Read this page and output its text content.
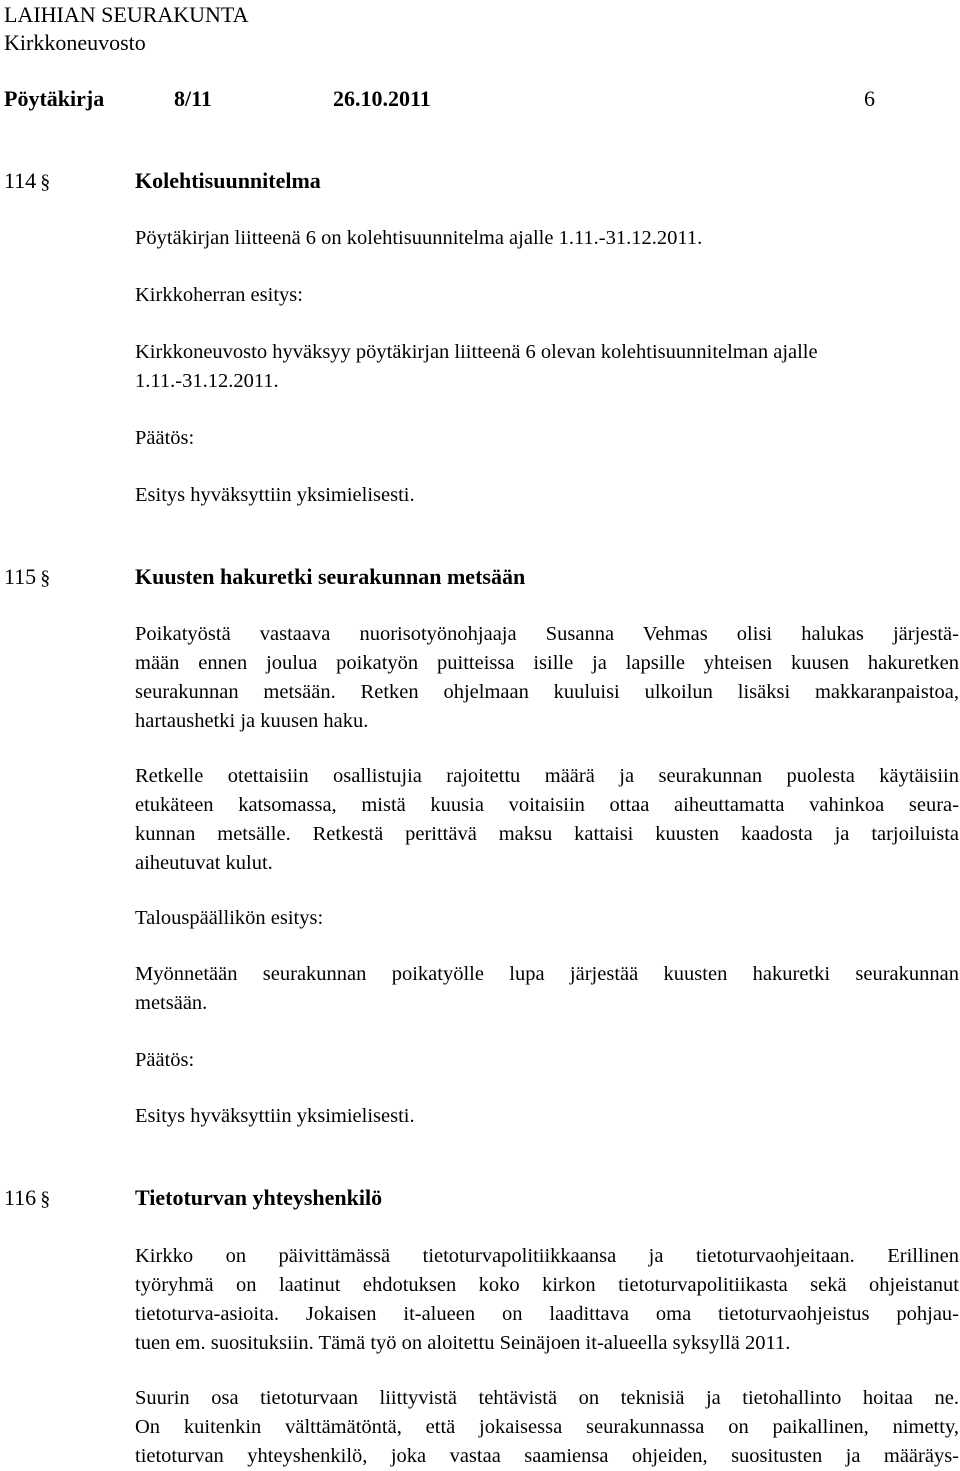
LAIHIAN SEURAKUNTA
Kirkkoneuvosto
Pöytäkirja	8/11	26.10.2011	6
114 §	Kolehtisuunnitelma
Pöytäkirjan liitteenä 6 on kolehtisuunnitelma ajalle 1.11.-31.12.2011.
Kirkkoherran esitys:
Kirkkoneuvosto hyväksyy pöytäkirjan liitteenä 6 olevan kolehtisuunnitelman ajalle
1.11.-31.12.2011.
Päätös:
Esitys hyväksyttiin yksimielisesti.
115 §	Kuusten hakuretki seurakunnan metsään
Poikatyöstä vastaava nuorisotyönohjaaja Susanna Vehmas olisi halukas järjestä-
mään ennen joulua poikatyön puitteissa isille ja lapsille yhteisen kuusen hakuretken
seurakunnan metsään. Retken ohjelmaan kuuluisi ulkoilun lisäksi makkaranpaistoa,
hartaushetki ja kuusen haku.
Retkelle otettaisiin osallistujia rajoitettu määrä ja seurakunnan puolesta käytäisiin
etukäteen katsomassa, mistä kuusia voitaisiin ottaa aiheuttamatta vahinkoa seura-
kunnan metsälle. Retkestä perittävä maksu kattaisi kuusten kaadosta ja tarjoiluista
aiheutuvat kulut.
Talouspäällikön esitys:
Myönnetään seurakunnan poikatyölle lupa järjestää kuusten hakuretki seurakunnan
metsään.
Päätös:
Esitys hyväksyttiin yksimielisesti.
116 §	Tietoturvan yhteyshenkilö
Kirkko on päivittämässä tietoturvapolitiikkaansa ja tietoturvaohjeitaan. Erillinen
työryhmä on laatinut ehdotuksen koko kirkon tietoturvapolitiikasta sekä ohjeistanut
tietoturva-asioita. Jokaisen it-alueen on laadittava oma tietoturvaohjeistus pohjau-
tuen em. suosituksiin. Tämä työ on aloitettu Seinäjoen it-alueella syksyllä 2011.
Suurin osa tietoturvaan liittyvistä tehtävistä on teknisiä ja tietohallinto hoitaa ne.
On kuitenkin välttämätöntä, että jokaisessa seurakunnassa on paikallinen, nimetty,
tietoturvan yhteyshenkilö, joka vastaa saamiensa ohjeiden, suositusten ja määräys-
